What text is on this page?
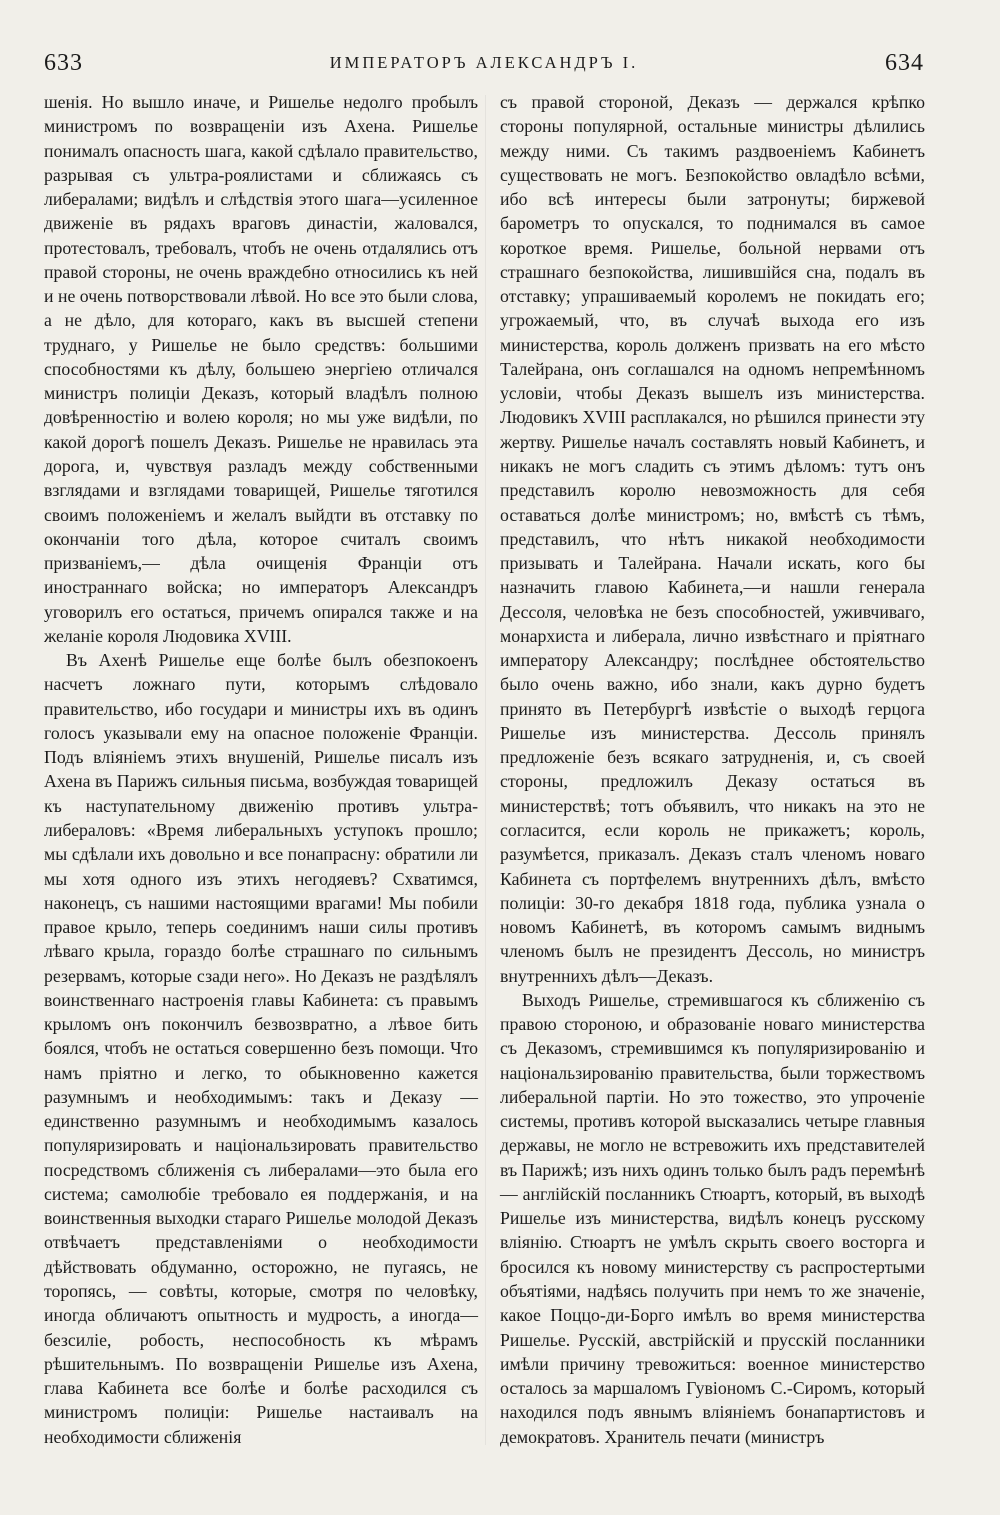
633	ИМПЕРАТОРЪ АЛЕКСАНДРЪ I.	634

шенія. Но вышло иначе, и Ришелье недолго пробылъ министромъ по возвращеніи изъ Ахена. Ришелье понималъ опасность шага, какой сдѣлало правительство, разрывая съ ультра-роялистами и сближаясь съ либералами; видѣлъ и слѣдствія этого шага—усиленное движеніе въ рядахъ враговъ династіи, жаловался, протестовалъ, требовалъ, чтобъ не очень отдалялись отъ правой стороны, не очень враждебно относились къ ней и не очень потворствовали лѣвой. Но все это были слова, а не дѣло, для котораго, какъ въ высшей степени труднаго, у Ришелье не было средствъ: большими способностями къ дѣлу, большею энергіею отличался министръ полиціи Деказъ, который владѣлъ полною довѣренностію и волею короля; но мы уже видѣли, по какой дорогѣ пошелъ Деказъ. Ришелье не нравилась эта дорога, и, чувствуя разладъ между собственными взглядами и взглядами товарищей, Ришелье тяготился своимъ положеніемъ и желалъ выйдти въ отставку по окончаніи того дѣла, которое считалъ своимъ призваніемъ,— дѣла очищенія Франціи отъ иностраннаго войска; но императоръ Александръ уговорилъ его остаться, причемъ опирался также и на желаніе короля Людовика XVIII.

Въ Ахенѣ Ришелье еще болѣе былъ обезпокоенъ насчетъ ложнаго пути, которымъ слѣдовало правительство, ибо государи и министры ихъ въ одинъ голосъ указывали ему на опасное положеніе Франціи. Подъ вліяніемъ этихъ внушеній, Ришелье писалъ изъ Ахена въ Парижъ сильныя письма, возбуждая товарищей къ наступательному движенію противъ ультра-либераловъ: «Время либеральныхъ уступокъ прошло; мы сдѣлали ихъ довольно и все понапрасну: обратили ли мы хотя одного изъ этихъ негодяевъ? Схватимся, наконецъ, съ нашими настоящими врагами! Мы побили правое крыло, теперь соединимъ наши силы противъ лѣваго крыла, гораздо болѣе страшнаго по сильнымъ резервамъ, которые сзади него». Но Деказъ не раздѣлялъ воинственнаго настроенія главы Кабинета: съ правымъ крыломъ онъ покончилъ безвозвратно, а лѣвое бить боялся, чтобъ не остаться совершенно безъ помощи. Что намъ пріятно и легко, то обыкновенно кажется разумнымъ и необходимымъ: такъ и Деказу — единственно разумнымъ и необходимымъ казалось популяризировать и національзировать правительство посредствомъ сближенія съ либералами—это была его система; самолюбіе требовало ея поддержанія, и на воинственныя выходки стараго Ришелье молодой Деказъ отвѣчаетъ представленіями о необходимости дѣйствовать обдуманно, осторожно, не пугаясь, не торопясь, — совѣты, которые, смотря по человѣку, иногда обличаютъ опытность и мудрость, а иногда—безсиліе, робость, неспособность къ мѣрамъ рѣшительнымъ. По возвращеніи Ришелье изъ Ахена, глава Кабинета все болѣе и болѣе расходился съ министромъ полиціи: Ришелье настаивалъ на необходимости сближенія

съ правой стороной, Деказъ — держался крѣпко стороны популярной, остальные министры дѣлились между ними. Съ такимъ раздвоеніемъ Кабинетъ существовать не могъ. Безпокойство овладѣло всѣми, ибо всѣ интересы были затронуты; биржевой барометръ то опускался, то поднимался въ самое короткое время. Ришелье, больной нервами отъ страшнаго безпокойства, лишившійся сна, подалъ въ отставку; упрашиваемый королемъ не покидать его; угрожаемый, что, въ случаѣ выхода его изъ министерства, король долженъ призвать на его мѣсто Талейрана, онъ соглашался на одномъ непремѣнномъ условіи, чтобы Деказъ вышелъ изъ министерства. Людовикъ XVIII расплакался, но рѣшился принести эту жертву. Ришелье началъ составлять новый Кабинетъ, и никакъ не могъ сладить съ этимъ дѣломъ: тутъ онъ представилъ королю невозможность для себя оставаться долѣе министромъ; но, вмѣстѣ съ тѣмъ, представилъ, что нѣтъ никакой необходимости призывать и Талейрана. Начали искать, кого бы назначить главою Кабинета,—и нашли генерала Дессоля, человѣка не безъ способностей, уживчиваго, монархиста и либерала, лично извѣстнаго и пріятнаго императору Александру; послѣднее обстоятельство было очень важно, ибо знали, какъ дурно будетъ принято въ Петербургѣ извѣстіе о выходѣ герцога Ришелье изъ министерства. Дессоль принялъ предложеніе безъ всякаго затрудненія, и, съ своей стороны, предложилъ Деказу остаться въ министерствѣ; тотъ объявилъ, что никакъ на это не согласится, если король не прикажетъ; король, разумѣется, приказалъ. Деказъ сталъ членомъ новаго Кабинета съ портфелемъ внутреннихъ дѣлъ, вмѣсто полиціи: 30-го декабря 1818 года, публика узнала о новомъ Кабинетѣ, въ которомъ самымъ виднымъ членомъ былъ не президентъ Дессоль, но министръ внутреннихъ дѣлъ—Деказъ.

Выходъ Ришелье, стремившагося къ сближенію съ правою стороною, и образованіе новаго министерства съ Деказомъ, стремившимся къ популяризированію и національзированію правительства, были торжествомъ либеральной партіи. Но это тожество, это упроченіе системы, противъ которой высказались четыре главныя державы, не могло не встревожить ихъ представителей въ Парижѣ; изъ нихъ одинъ только былъ радъ перемѣнѣ — англійскій посланникъ Стюартъ, который, въ выходѣ Ришелье изъ министерства, видѣлъ конецъ русскому вліянію. Стюартъ не умѣлъ скрыть своего восторга и бросился къ новому министерству съ распростертыми объятіями, надѣясь получить при немъ то же значеніе, какое Поццо-ди-Борго имѣлъ во время министерства Ришелье. Русскій, австрійскій и прусскій посланники имѣли причину тревожиться: военное министерство осталось за маршаломъ Гувіономъ С.-Сиромъ, который находился подъ явнымъ вліяніемъ бонапартистовъ и демократовъ. Хранитель печати (министръ
